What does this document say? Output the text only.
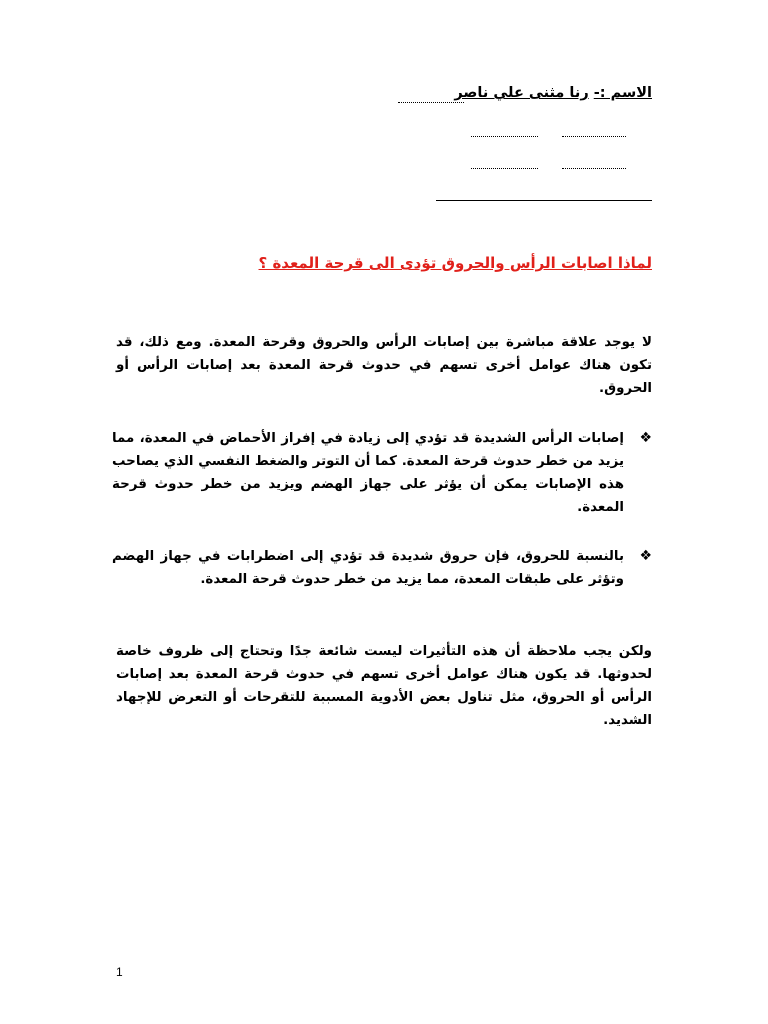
الاسم :- رنا مثنى علي ناصر
لماذا اصابات الرأس والحروق تؤدى الى قرحة المعدة ؟
لا يوجد علاقة مباشرة بين إصابات الرأس والحروق وقرحة المعدة. ومع ذلك، قد تكون هناك عوامل أخرى تسهم في حدوث قرحة المعدة بعد إصابات الرأس أو الحروق.
❖
إصابات الرأس الشديدة قد تؤدي إلى زيادة في إفراز الأحماض في المعدة، مما يزيد من خطر حدوث قرحة المعدة. كما أن التوتر والضغط النفسي الذي يصاحب هذه الإصابات يمكن أن يؤثر على جهاز الهضم ويزيد من خطر حدوث قرحة المعدة.
❖
بالنسبة للحروق، فإن حروق شديدة قد تؤدي إلى اضطرابات في جهاز الهضم وتؤثر على طبقات المعدة، مما يزيد من خطر حدوث قرحة المعدة.
ولكن يجب ملاحظة أن هذه التأثيرات ليست شائعة جدًا وتحتاج إلى ظروف خاصة لحدوثها. قد يكون هناك عوامل أخرى تسهم في حدوث قرحة المعدة بعد إصابات الرأس أو الحروق، مثل تناول بعض الأدوية المسببة للتقرحات أو التعرض للإجهاد الشديد.
1
